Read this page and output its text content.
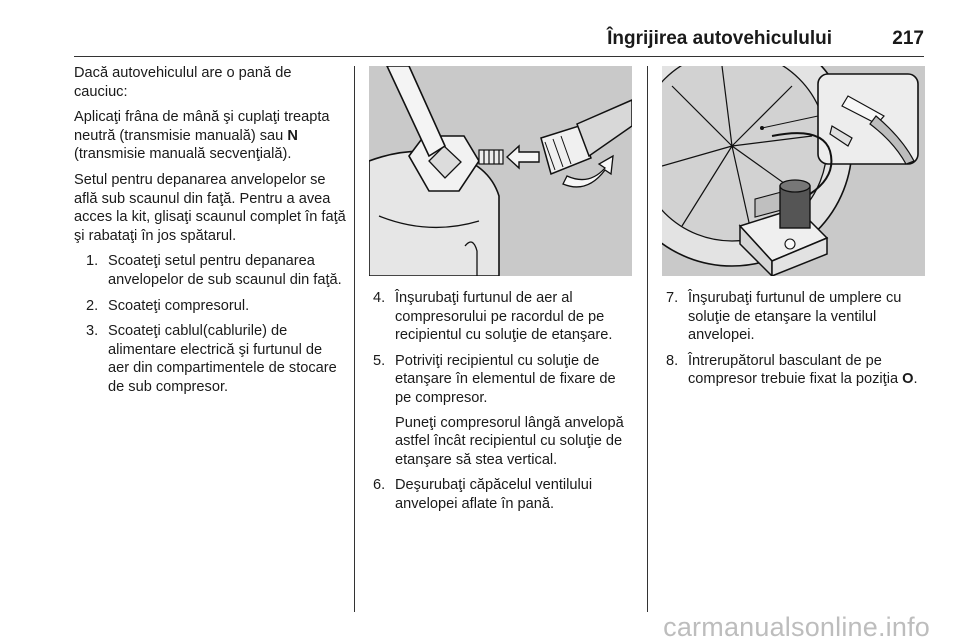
Îngrijirea autovehiculului	217

Dacă autovehiculul are o pană de cauciuc:

Aplicaţi frâna de mână şi cuplaţi treapta neutră (transmisie manuală) sau N (transmisie manuală secvenţială).

Setul pentru depanarea anvelopelor se află sub scaunul din faţă. Pentru a avea acces la kit, glisaţi scaunul complet în faţă şi rabataţi în jos spătarul.

1. Scoateţi setul pentru depanarea anvelopelor de sub scaunul din faţă.
2. Scoateţi compresorul.
3. Scoateţi cablul(cablurile) de alimentare electrică şi furtunul de aer din compartimentele de stocare de sub compresor.
4. Înşurubaţi furtunul de aer al compresorului pe racordul de pe recipientul cu soluţie de etanşare.
5. Potriviţi recipientul cu soluţie de etanşare în elementul de fixare de pe compresor.
Puneţi compresorul lângă anvelopă astfel încât recipientul cu soluţie de etanşare să stea vertical.
6. Deşurubaţi căpăcelul ventilului anvelopei aflate în pană.
7. Înşurubaţi furtunul de umplere cu soluţie de etanşare la ventilul anvelopei.
8. Întrerupătorul basculant de pe compresor trebuie fixat la poziţia O.
carmanualsonline.info
